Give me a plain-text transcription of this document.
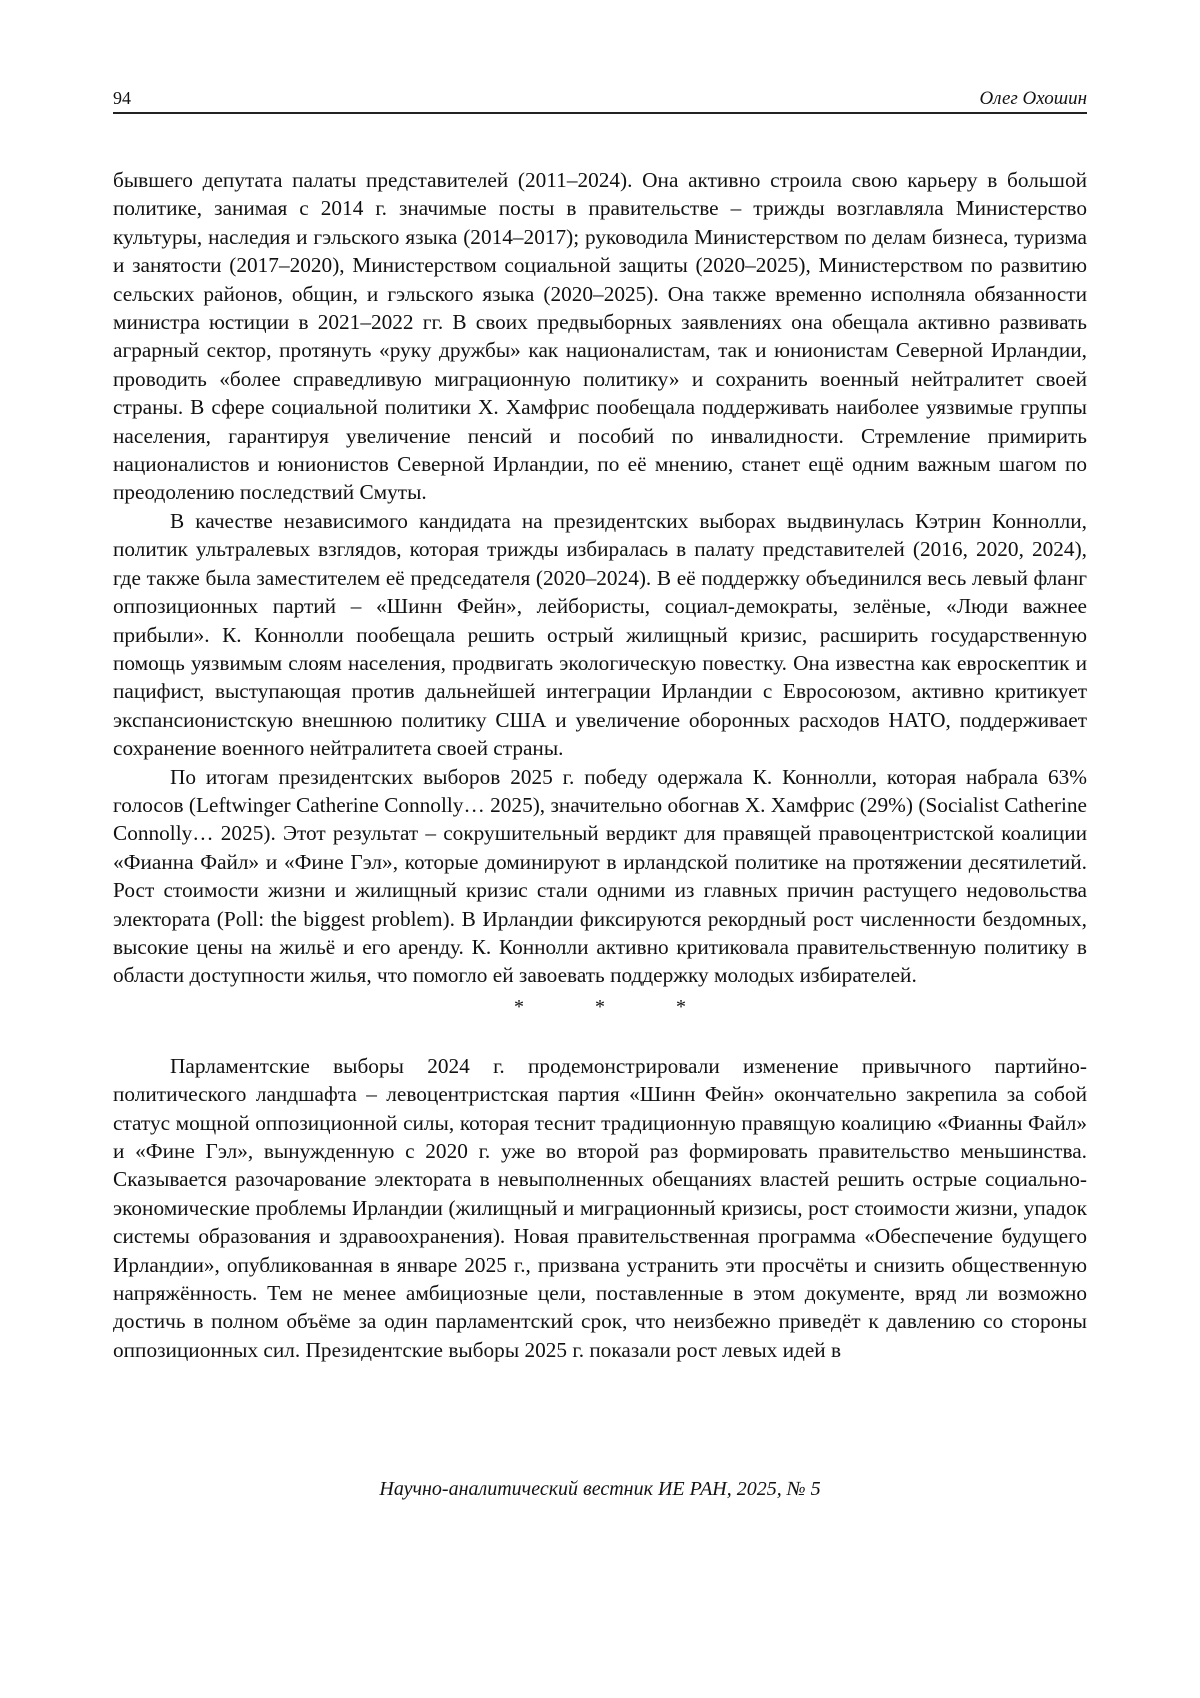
94	Олег Охошин

бывшего депутата палаты представителей (2011–2024). Она активно строила свою карьеру в большой политике, занимая с 2014 г. значимые посты в правительстве – трижды возглавляла Министерство культуры, наследия и гэльского языка (2014–2017); руководила Министерством по делам бизнеса, туризма и занятости (2017–2020), Министерством социальной защиты (2020–2025), Министерством по развитию сельских районов, общин, и гэльского языка (2020–2025). Она также временно исполняла обязанности министра юстиции в 2021–2022 гг. В своих предвыборных заявлениях она обещала активно развивать аграрный сектор, протянуть «руку дружбы» как националистам, так и юнионистам Северной Ирландии, проводить «более справедливую миграционную политику» и сохранить военный нейтралитет своей страны. В сфере социальной политики Х. Хамфрис пообещала поддерживать наиболее уязвимые группы населения, гарантируя увеличение пенсий и пособий по инвалидности. Стремление примирить националистов и юнионистов Северной Ирландии, по её мнению, станет ещё одним важным шагом по преодолению последствий Смуты.

В качестве независимого кандидата на президентских выборах выдвинулась Кэтрин Коннолли, политик ультралевых взглядов, которая трижды избиралась в палату представителей (2016, 2020, 2024), где также была заместителем её председателя (2020–2024). В её поддержку объединился весь левый фланг оппозиционных партий – «Шинн Фейн», лейбористы, социал-демократы, зелёные, «Люди важнее прибыли». К. Коннолли пообещала решить острый жилищный кризис, расширить государственную помощь уязвимым слоям населения, продвигать экологическую повестку. Она известна как евроскептик и пацифист, выступающая против дальнейшей интеграции Ирландии с Евросоюзом, активно критикует экспансионистскую внешнюю политику США и увеличение оборонных расходов НАТО, поддерживает сохранение военного нейтралитета своей страны.

По итогам президентских выборов 2025 г. победу одержала К. Коннолли, которая набрала 63% голосов (Leftwinger Catherine Connolly… 2025), значительно обогнав Х. Хамфрис (29%) (Socialist Catherine Connolly… 2025). Этот результат – сокрушительный вердикт для правящей правоцентристской коалиции «Фианна Файл» и «Фине Гэл», которые доминируют в ирландской политике на протяжении десятилетий. Рост стоимости жизни и жилищный кризис стали одними из главных причин растущего недовольства электората (Poll: the biggest problem). В Ирландии фиксируются рекордный рост численности бездомных, высокие цены на жильё и его аренду. К. Коннолли активно критиковала правительственную политику в области доступности жилья, что помогло ей завоевать поддержку молодых избирателей.

*	*	*

Парламентские выборы 2024 г. продемонстрировали изменение привычного партийно-политического ландшафта – левоцентристская партия «Шинн Фейн» окончательно закрепила за собой статус мощной оппозиционной силы, которая теснит традиционную правящую коалицию «Фианны Файл» и «Фине Гэл», вынужденную с 2020 г. уже во второй раз формировать правительство меньшинства. Сказывается разочарование электората в невыполненных обещаниях властей решить острые социально-экономические проблемы Ирландии (жилищный и миграционный кризисы, рост стоимости жизни, упадок системы образования и здравоохранения). Новая правительственная программа «Обеспечение будущего Ирландии», опубликованная в январе 2025 г., призвана устранить эти просчёты и снизить общественную напряжённость. Тем не менее амбициозные цели, поставленные в этом документе, вряд ли возможно достичь в полном объёме за один парламентский срок, что неизбежно приведёт к давлению со стороны оппозиционных сил. Президентские выборы 2025 г. показали рост левых идей в

Научно-аналитический вестник ИЕ РАН, 2025, № 5
